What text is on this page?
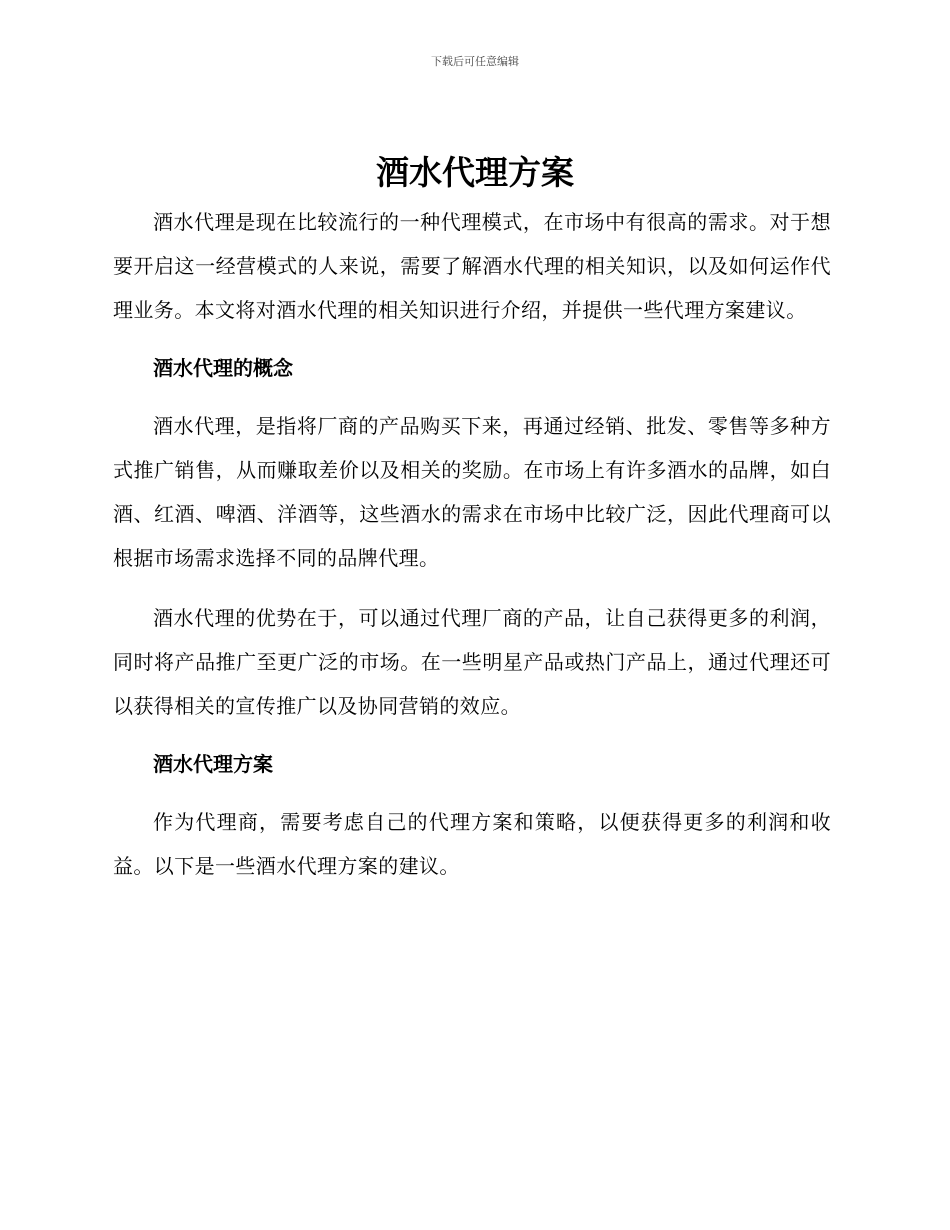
下载后可任意编辑
酒水代理方案

酒水代理是现在比较流行的一种代理模式，在市场中有很高的需求。对于想要开启这一经营模式的人来说，需要了解酒水代理的相关知识，以及如何运作代理业务。本文将对酒水代理的相关知识进行介绍，并提供一些代理方案建议。

酒水代理的概念

酒水代理，是指将厂商的产品购买下来，再通过经销、批发、零售等多种方式推广销售，从而赚取差价以及相关的奖励。在市场上有许多酒水的品牌，如白酒、红酒、啤酒、洋酒等，这些酒水的需求在市场中比较广泛，因此代理商可以根据市场需求选择不同的品牌代理。

酒水代理的优势在于，可以通过代理厂商的产品，让自己获得更多的利润，同时将产品推广至更广泛的市场。在一些明星产品或热门产品上，通过代理还可以获得相关的宣传推广以及协同营销的效应。

酒水代理方案

作为代理商，需要考虑自己的代理方案和策略，以便获得更多的利润和收益。以下是一些酒水代理方案的建议。
